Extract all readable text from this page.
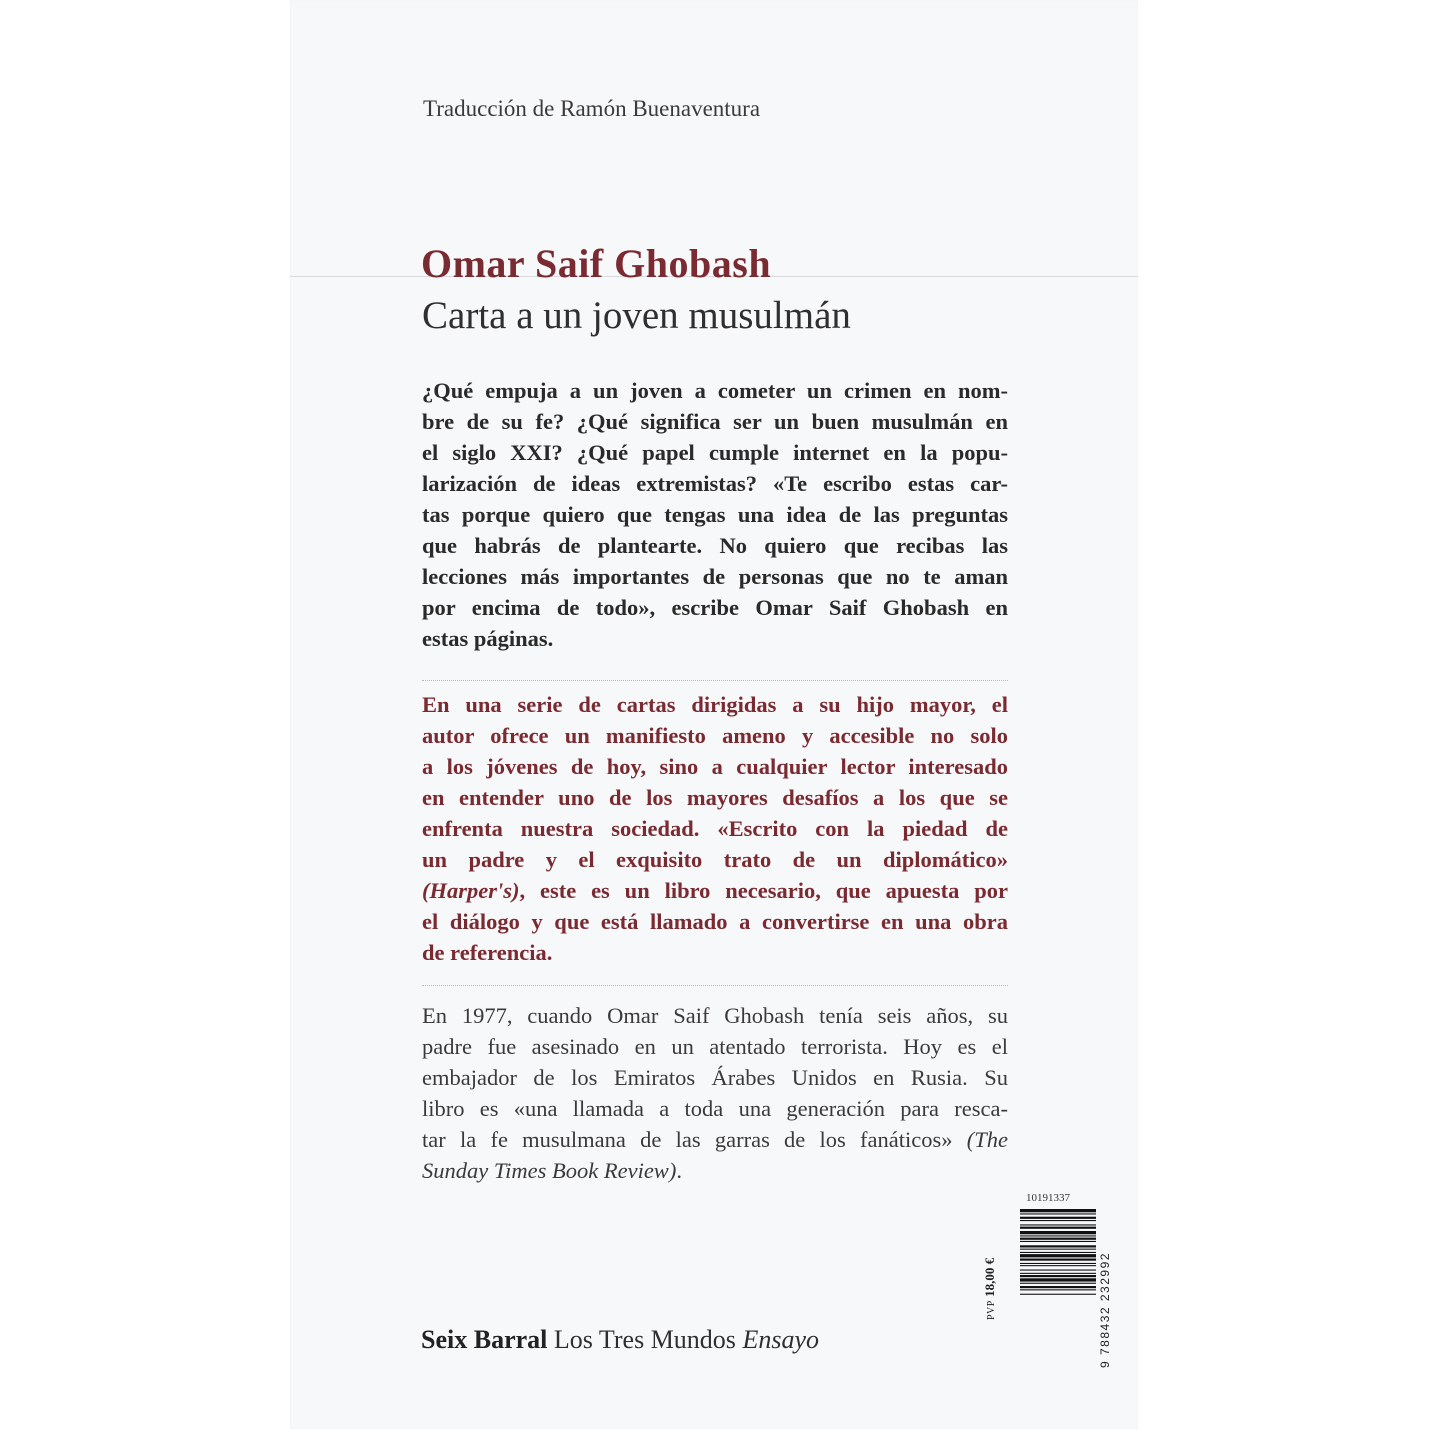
Traducción de Ramón Buenaventura
Omar Saif Ghobash
Carta a un joven musulmán

¿Qué empuja a un joven a cometer un crimen en nom-
bre de su fe? ¿Qué significa ser un buen musulmán en
el siglo XXI? ¿Qué papel cumple internet en la popu-
larización de ideas extremistas? «Te escribo estas car-
tas porque quiero que tengas una idea de las preguntas
que habrás de plantearte. No quiero que recibas las
lecciones más importantes de personas que no te aman
por encima de todo», escribe Omar Saif Ghobash en
estas páginas.

En una serie de cartas dirigidas a su hijo mayor, el
autor ofrece un manifiesto ameno y accesible no solo
a los jóvenes de hoy, sino a cualquier lector interesado
en entender uno de los mayores desafíos a los que se
enfrenta nuestra sociedad. «Escrito con la piedad de
un padre y el exquisito trato de un diplomático»
(Harper's), este es un libro necesario, que apuesta por
el diálogo y que está llamado a convertirse en una obra
de referencia.

En 1977, cuando Omar Saif Ghobash tenía seis años, su
padre fue asesinado en un atentado terrorista. Hoy es el
embajador de los Emiratos Árabes Unidos en Rusia. Su
libro es «una llamada a toda una generación para resca-
tar la fe musulmana de las garras de los fanáticos» (The
Sunday Times Book Review).

Seix Barral Los Tres Mundos Ensayo
10191337
PVP 18,00 €	9 788432 232992
